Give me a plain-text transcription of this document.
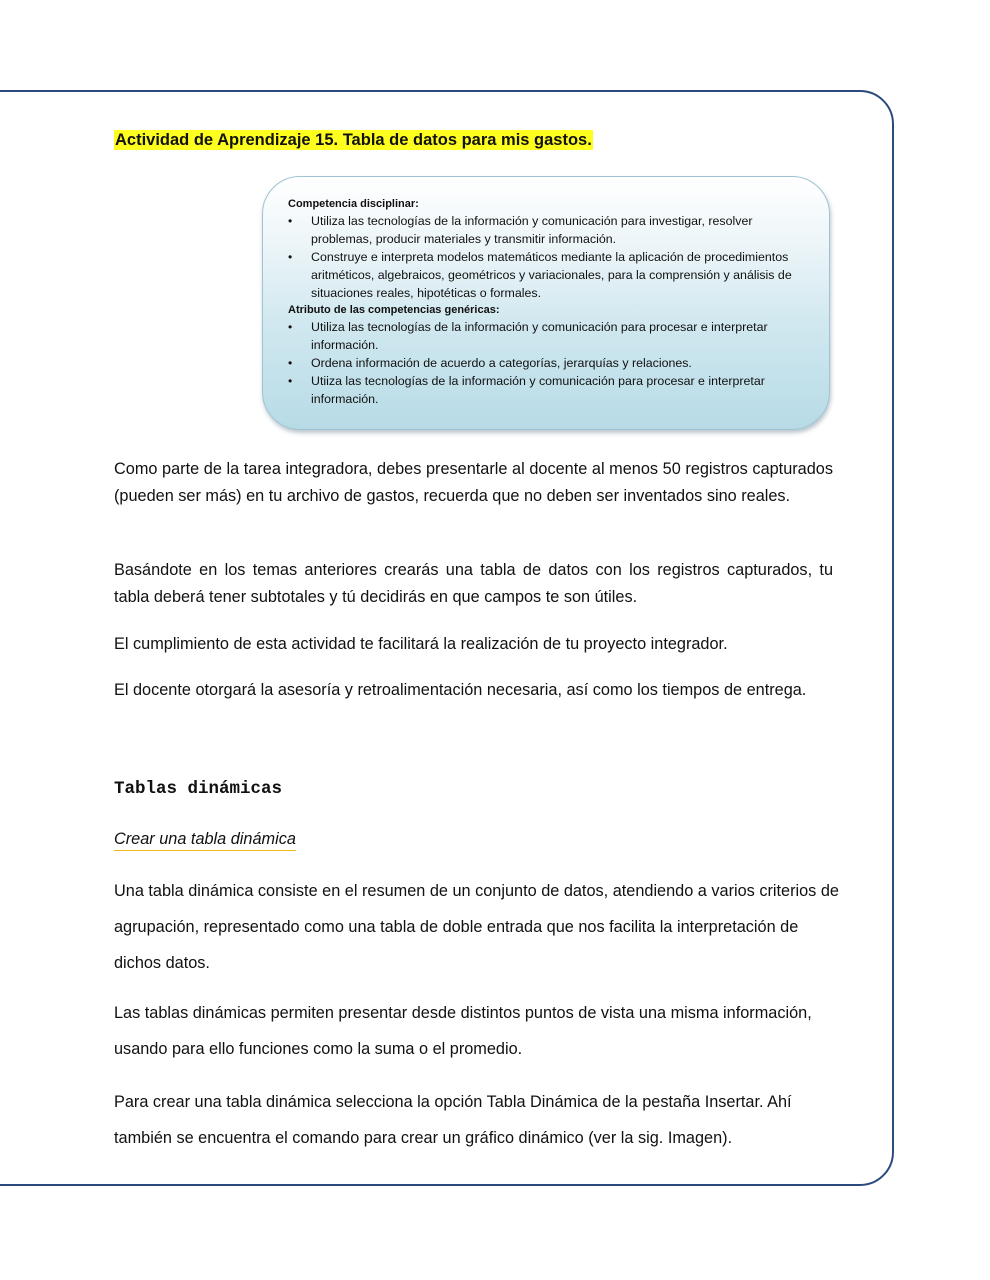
Actividad de Aprendizaje 15. Tabla de datos para mis gastos.
Competencia disciplinar:
• Utiliza las tecnologías de la información y comunicación para investigar, resolver problemas, producir materiales y transmitir información.
• Construye e interpreta modelos matemáticos mediante la aplicación de procedimientos aritméticos, algebraicos, geométricos y variacionales, para la comprensión y análisis de situaciones reales, hipotéticas o formales.
Atributo de las competencias genéricas:
• Utiliza las tecnologías de la información y comunicación para procesar e interpretar información.
• Ordena información de acuerdo a categorías, jerarquías y relaciones.
• Utiiza las tecnologías de la información y comunicación para procesar e interpretar información.

Como parte de la tarea integradora, debes presentarle al docente al menos 50 registros capturados (pueden ser más) en tu archivo de gastos, recuerda que no deben ser inventados sino reales.

Basándote en los temas anteriores crearás una tabla de datos con los registros capturados, tu tabla deberá tener subtotales y tú decidirás en que campos te son útiles.

El cumplimiento de esta actividad te facilitará la realización de tu proyecto integrador.

El docente otorgará la asesoría y retroalimentación necesaria, así como los tiempos de entrega.

Tablas dinámicas
Crear una tabla dinámica

Una tabla dinámica consiste en el resumen de un conjunto de datos, atendiendo a varios criterios de agrupación, representado como una tabla de doble entrada que nos facilita la interpretación de dichos datos.

Las tablas dinámicas permiten presentar desde distintos puntos de vista una misma información, usando para ello funciones como la suma o el promedio.

Para crear una tabla dinámica selecciona la opción Tabla Dinámica de la pestaña Insertar. Ahí también se encuentra el comando para crear un gráfico dinámico (ver la sig. Imagen).
